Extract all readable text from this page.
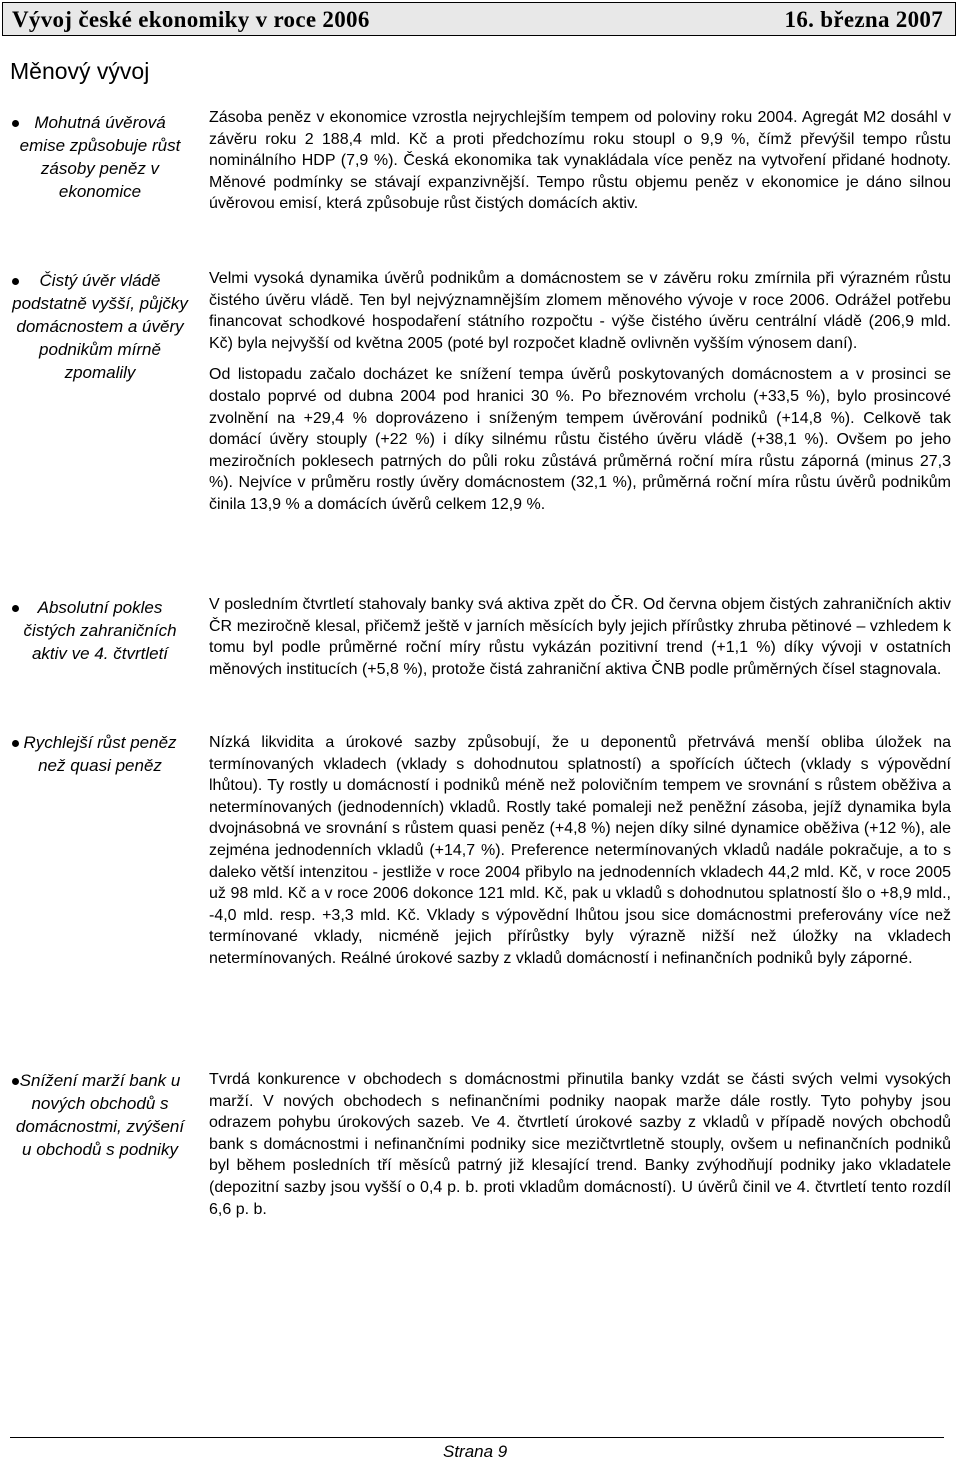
Vývoj české ekonomiky v roce 2006	16. března 2007
Měnový vývoj
Mohutná úvěrová emise způsobuje růst zásoby peněz v ekonomice
Čistý úvěr vládě podstatně vyšší, půjčky domácnostem a úvěry podnikům mírně zpomalily
Absolutní pokles čistých zahraničních aktiv ve 4. čtvrtletí
Rychlejší růst peněz než quasi peněz
Snížení marží bank u nových obchodů s domácnostmi, zvýšení u obchodů s podniky

Zásoba peněz v ekonomice vzrostla nejrychlejším tempem od poloviny roku 2004. Agregát M2 dosáhl v závěru roku 2 188,4 mld. Kč a proti předchozímu roku stoupl o 9,9 %, čímž převýšil tempo růstu nominálního HDP (7,9 %). Česká ekonomika tak vynakládala více peněz na vytvoření přidané hodnoty. Měnové podmínky se stávají expanzivnější. Tempo růstu objemu peněz v ekonomice je dáno silnou úvěrovou emisí, která způsobuje růst čistých domácích aktiv.

Velmi vysoká dynamika úvěrů podnikům a domácnostem se v závěru roku zmírnila při výrazném růstu čistého úvěru vládě. Ten byl nejvýznamnějším zlomem měnového vývoje v roce 2006. Odrážel potřebu financovat schodkové hospodaření státního rozpočtu - výše čistého úvěru centrální vládě (206,9 mld. Kč) byla nejvyšší od května 2005 (poté byl rozpočet kladně ovlivněn vyšším výnosem daní).

Od listopadu začalo docházet ke snížení tempa úvěrů poskytovaných domácnostem a v prosinci se dostalo poprvé od dubna 2004 pod hranici 30 %. Po březnovém vrcholu (+33,5 %), bylo prosincové zvolnění na +29,4 % doprovázeno i sníženým tempem úvěrování podniků (+14,8 %). Celkově tak domácí úvěry stouply (+22 %) i díky silnému růstu čistého úvěru vládě (+38,1 %). Ovšem po jeho meziročních poklesech patrných do půli roku zůstává průměrná roční míra růstu záporná (minus 27,3 %). Nejvíce v průměru rostly úvěry domácnostem (32,1 %), průměrná roční míra růstu úvěrů podnikům činila 13,9 % a domácích úvěrů celkem 12,9 %.

V posledním čtvrtletí stahovaly banky svá aktiva zpět do ČR. Od června objem čistých zahraničních aktiv ČR meziročně klesal, přičemž ještě v jarních měsících byly jejich přírůstky zhruba pětinové – vzhledem k tomu byl podle průměrné roční míry růstu vykázán pozitivní trend (+1,1 %) díky vývoji v ostatních měnových institucích (+5,8 %), protože čistá zahraniční aktiva ČNB podle průměrných čísel stagnovala.

Nízká likvidita a úrokové sazby způsobují, že u deponentů přetrvává menší obliba úložek na termínovaných vkladech (vklady s dohodnutou splatností) a spořících účtech (vklady s výpovědní lhůtou). Ty rostly u domácností i podniků méně než polovičním tempem ve srovnání s růstem oběživa a netermínovaných (jednodenních) vkladů. Rostly také pomaleji než peněžní zásoba, jejíž dynamika byla dvojnásobná ve srovnání s růstem quasi peněz (+4,8 %) nejen díky silné dynamice oběživa (+12 %), ale zejména jednodenních vkladů (+14,7 %). Preference netermínovaných vkladů nadále pokračuje, a to s daleko větší intenzitou - jestliže v roce 2004 přibylo na jednodenních vkladech 44,2 mld. Kč, v roce 2005 už 98 mld. Kč a v roce 2006 dokonce 121 mld. Kč, pak u vkladů s dohodnutou splatností šlo o +8,9 mld., -4,0 mld. resp. +3,3 mld. Kč. Vklady s výpovědní lhůtou jsou sice domácnostmi preferovány více než termínované vklady, nicméně jejich přírůstky byly výrazně nižší než úložky na vkladech netermínovaných. Reálné úrokové sazby z vkladů domácností i nefinančních podniků byly záporné.

Tvrdá konkurence v obchodech s domácnostmi přinutila banky vzdát se části svých velmi vysokých marží. V nových obchodech s nefinančními podniky naopak marže dále rostly. Tyto pohyby jsou odrazem pohybu úrokových sazeb. Ve 4. čtvrtletí úrokové sazby z vkladů v případě nových obchodů bank s domácnostmi i nefinančními podniky sice mezičtvrtletně stouply, ovšem u nefinančních podniků byl během posledních tří měsíců patrný již klesající trend. Banky zvýhodňují podniky jako vkladatele (depozitní sazby jsou vyšší o 0,4 p. b. proti vkladům domácností). U úvěrů činil ve 4. čtvrtletí tento rozdíl 6,6 p. b.

Strana 9
